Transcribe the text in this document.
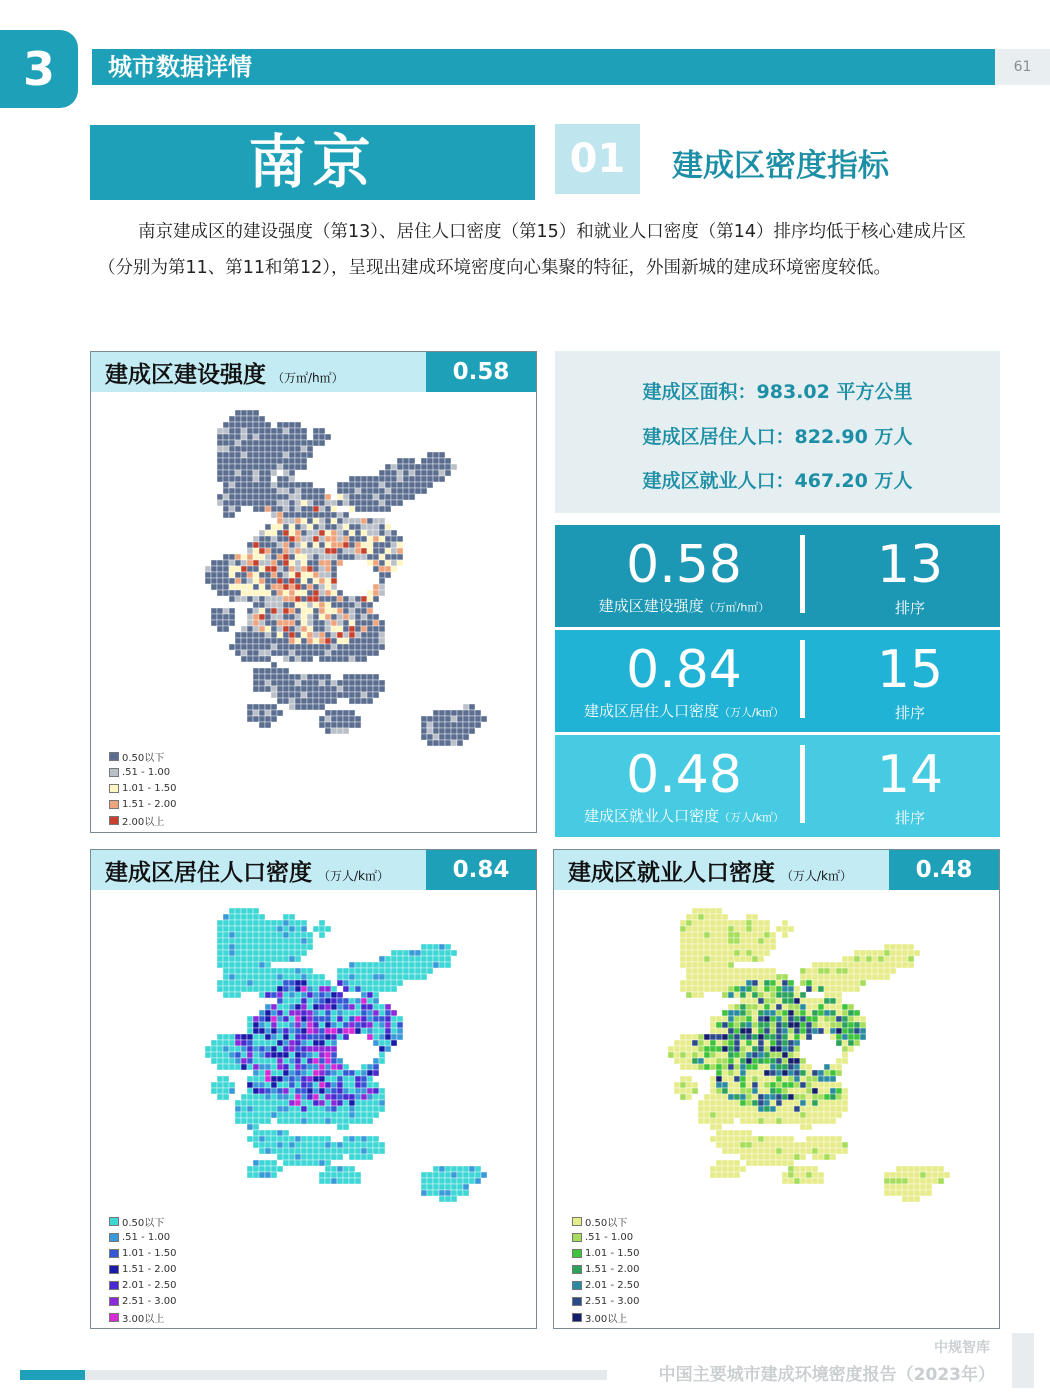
3	城市数据详情	61
南京	01	建成区密度指标

南京建成区的建设强度（第13）、居住人口密度（第15）和就业人口密度（第14）排序均低于核心建成片区（分别为第11、第11和第12），呈现出建成环境密度向心集聚的特征，外围新城的建成环境密度较低。

建成区建设强度 （万㎡/h㎡）	0.58
0.50以下
.51 - 1.00
1.01 - 1.50
1.51 - 2.00
2.00以上
建成区面积：983.02 平方公里
建成区居住人口：822.90 万人
建成区就业人口：467.20 万人
0.58
建成区建设强度（万㎡/h㎡）
13
排序
0.84
建成区居住人口密度（万人/k㎡）
15
排序
0.48
建成区就业人口密度（万人/k㎡）
14
排序
建成区居住人口密度 （万人/k㎡）	0.84
0.50以下
.51 - 1.00
1.01 - 1.50
1.51 - 2.00
2.01 - 2.50
2.51 - 3.00
3.00以上
建成区就业人口密度 （万人/k㎡）	0.48
0.50以下
.51 - 1.00
1.01 - 1.50
1.51 - 2.00
2.01 - 2.50
2.51 - 3.00
3.00以上
中规智库
中国主要城市建成环境密度报告（2023年）
